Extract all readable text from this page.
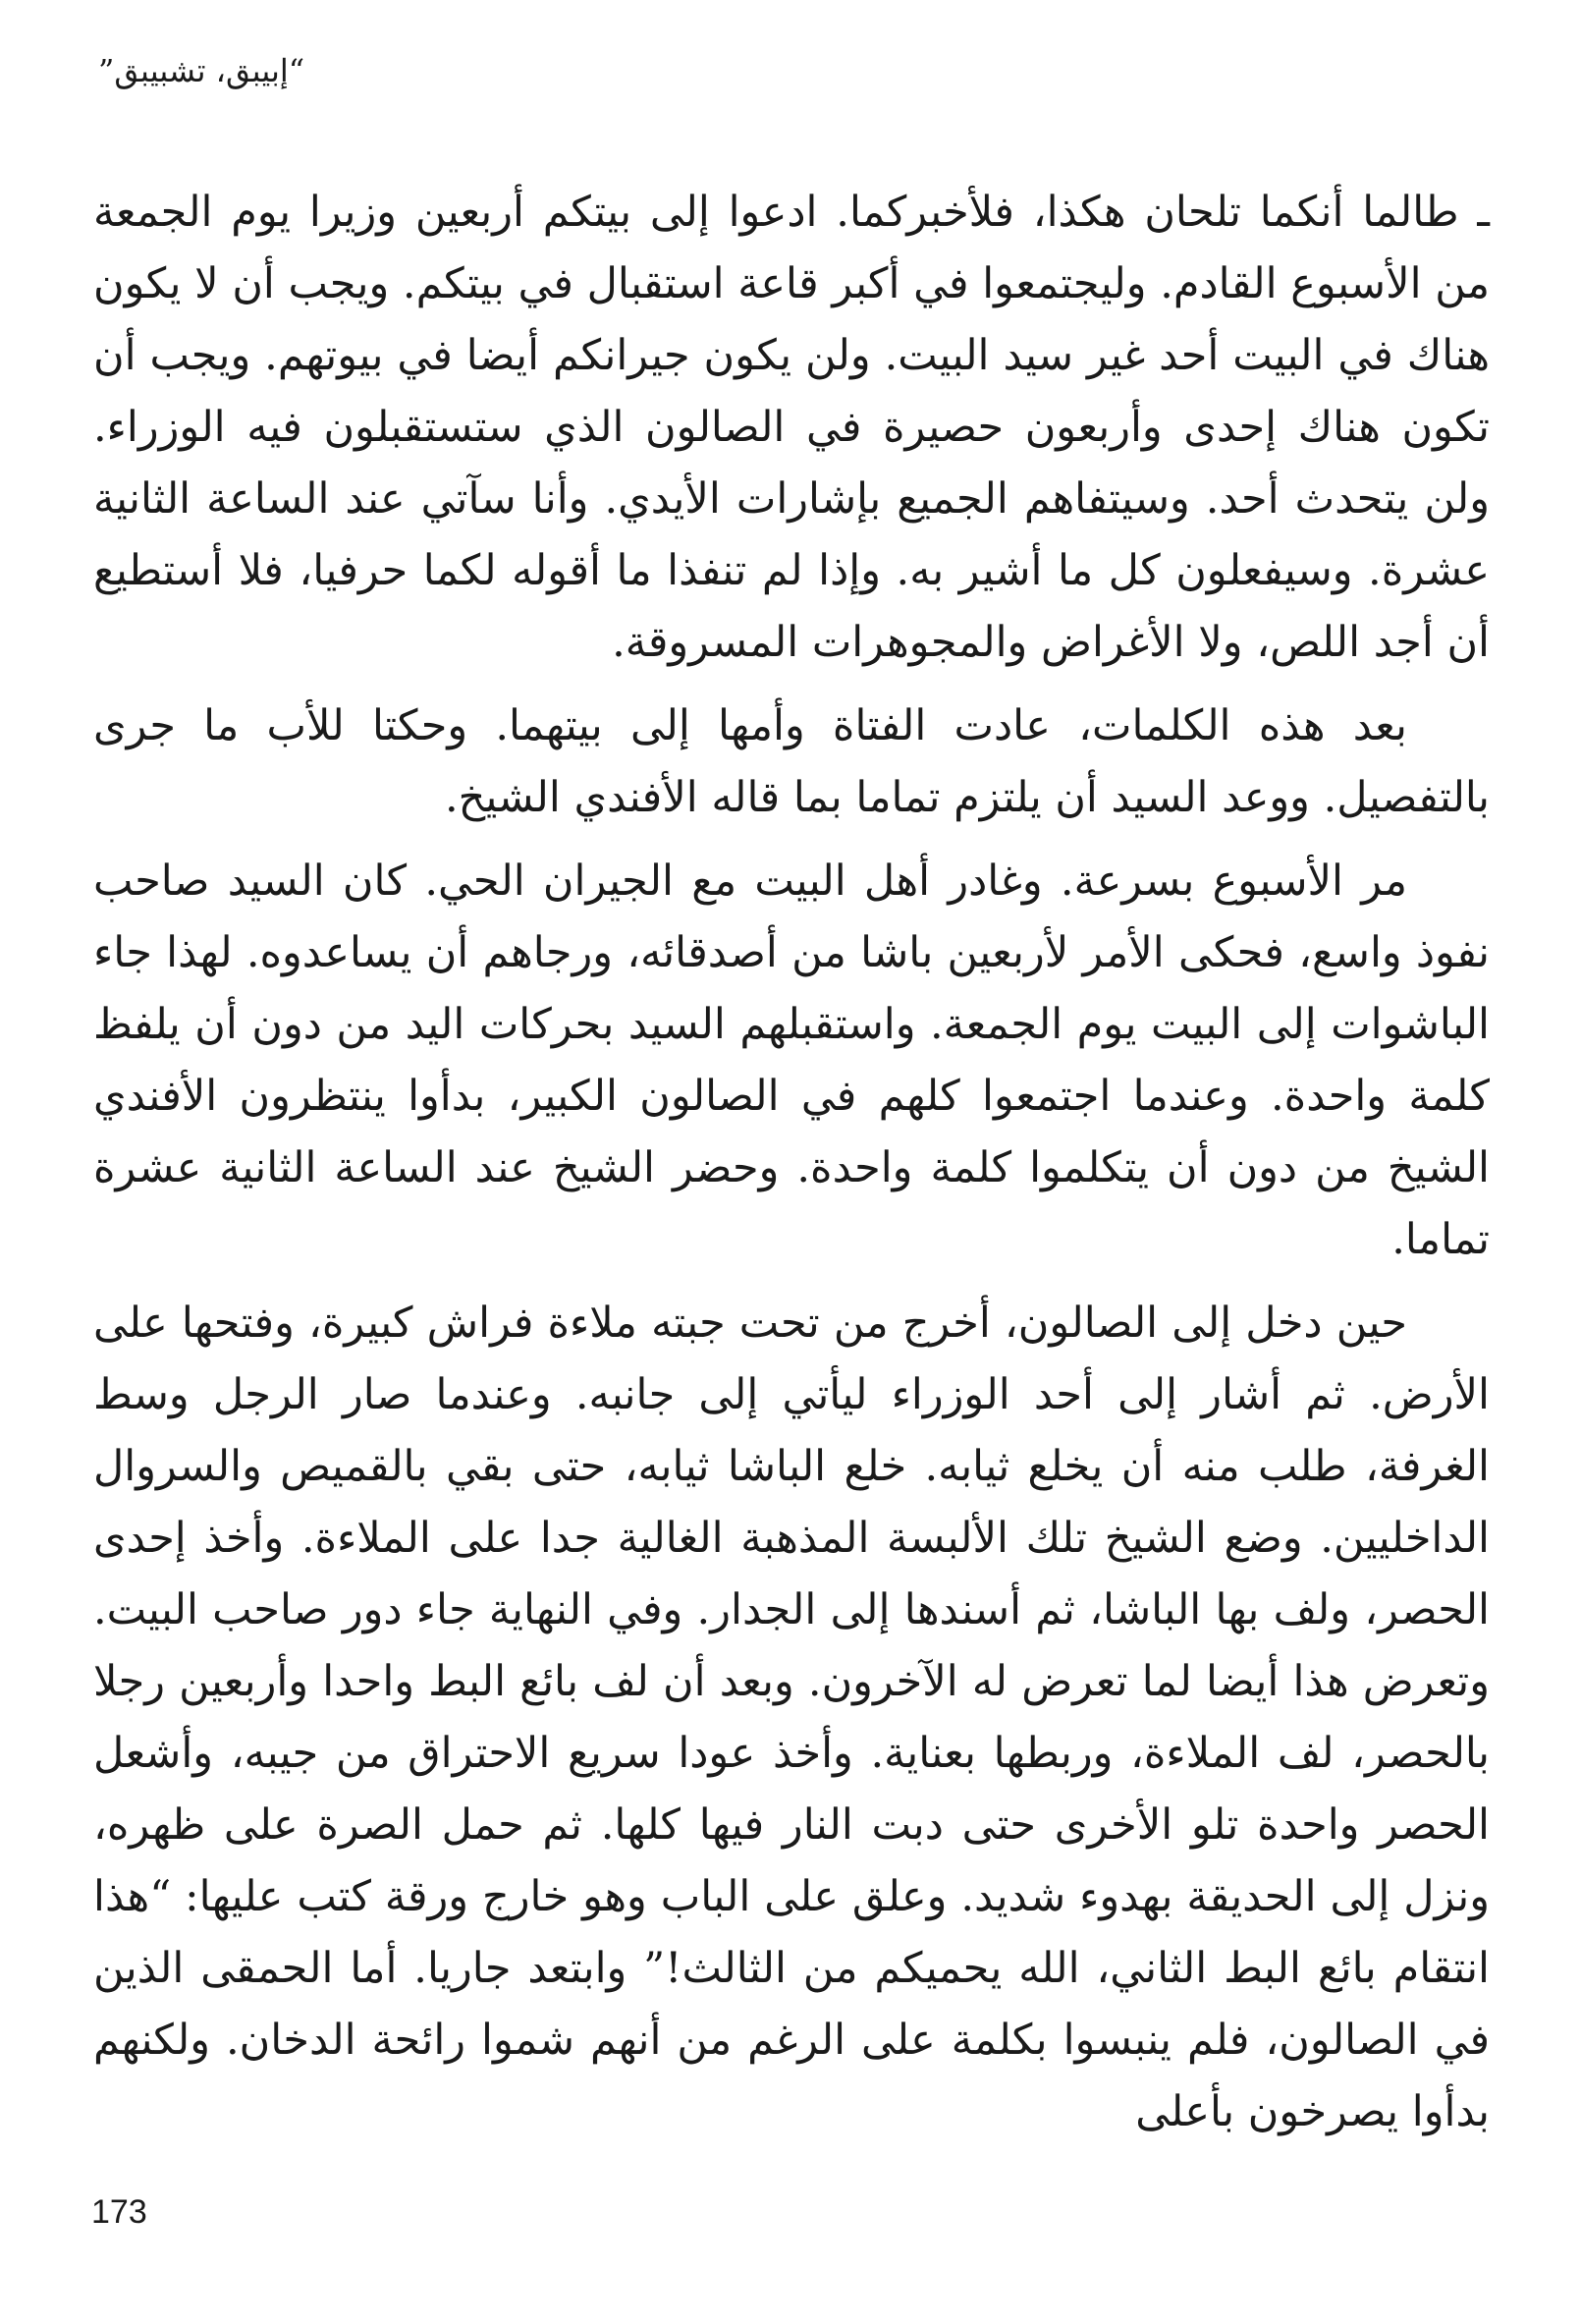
“إبيبق، تشبيبق”

ـ طالما أنكما تلحان هكذا، فلأخبركما. ادعوا إلى بيتكم أربعين وزيرا يوم الجمعة من الأسبوع القادم. وليجتمعوا في أكبر قاعة استقبال في بيتكم. ويجب أن لا يكون هناك في البيت أحد غير سيد البيت. ولن يكون جيرانكم أيضا في بيوتهم. ويجب أن تكون هناك إحدى وأربعون حصيرة في الصالون الذي ستستقبلون فيه الوزراء. ولن يتحدث أحد. وسيتفاهم الجميع بإشارات الأيدي. وأنا سآتي عند الساعة الثانية عشرة. وسيفعلون كل ما أشير به. وإذا لم تنفذا ما أقوله لكما حرفيا، فلا أستطيع أن أجد اللص، ولا الأغراض والمجوهرات المسروقة.

بعد هذه الكلمات، عادت الفتاة وأمها إلى بيتهما. وحكتا للأب ما جرى بالتفصيل. ووعد السيد أن يلتزم تماما بما قاله الأفندي الشيخ.

مر الأسبوع بسرعة. وغادر أهل البيت مع الجيران الحي. كان السيد صاحب نفوذ واسع، فحكى الأمر لأربعين باشا من أصدقائه، ورجاهم أن يساعدوه. لهذا جاء الباشوات إلى البيت يوم الجمعة. واستقبلهم السيد بحركات اليد من دون أن يلفظ كلمة واحدة. وعندما اجتمعوا كلهم في الصالون الكبير، بدأوا ينتظرون الأفندي الشيخ من دون أن يتكلموا كلمة واحدة. وحضر الشيخ عند الساعة الثانية عشرة تماما.

حين دخل إلى الصالون، أخرج من تحت جبته ملاءة فراش كبيرة، وفتحها على الأرض. ثم أشار إلى أحد الوزراء ليأتي إلى جانبه. وعندما صار الرجل وسط الغرفة، طلب منه أن يخلع ثيابه. خلع الباشا ثيابه، حتى بقي بالقميص والسروال الداخليين. وضع الشيخ تلك الألبسة المذهبة الغالية جدا على الملاءة. وأخذ إحدى الحصر، ولف بها الباشا، ثم أسندها إلى الجدار. وفي النهاية جاء دور صاحب البيت. وتعرض هذا أيضا لما تعرض له الآخرون. وبعد أن لف بائع البط واحدا وأربعين رجلا بالحصر، لف الملاءة، وربطها بعناية. وأخذ عودا سريع الاحتراق من جيبه، وأشعل الحصر واحدة تلو الأخرى حتى دبت النار فيها كلها. ثم حمل الصرة على ظهره، ونزل إلى الحديقة بهدوء شديد. وعلق على الباب وهو خارج ورقة كتب عليها: “هذا انتقام بائع البط الثاني، الله يحميكم من الثالث!” وابتعد جاريا. أما الحمقى الذين في الصالون، فلم ينبسوا بكلمة على الرغم من أنهم شموا رائحة الدخان. ولكنهم بدأوا يصرخون بأعلى

173
